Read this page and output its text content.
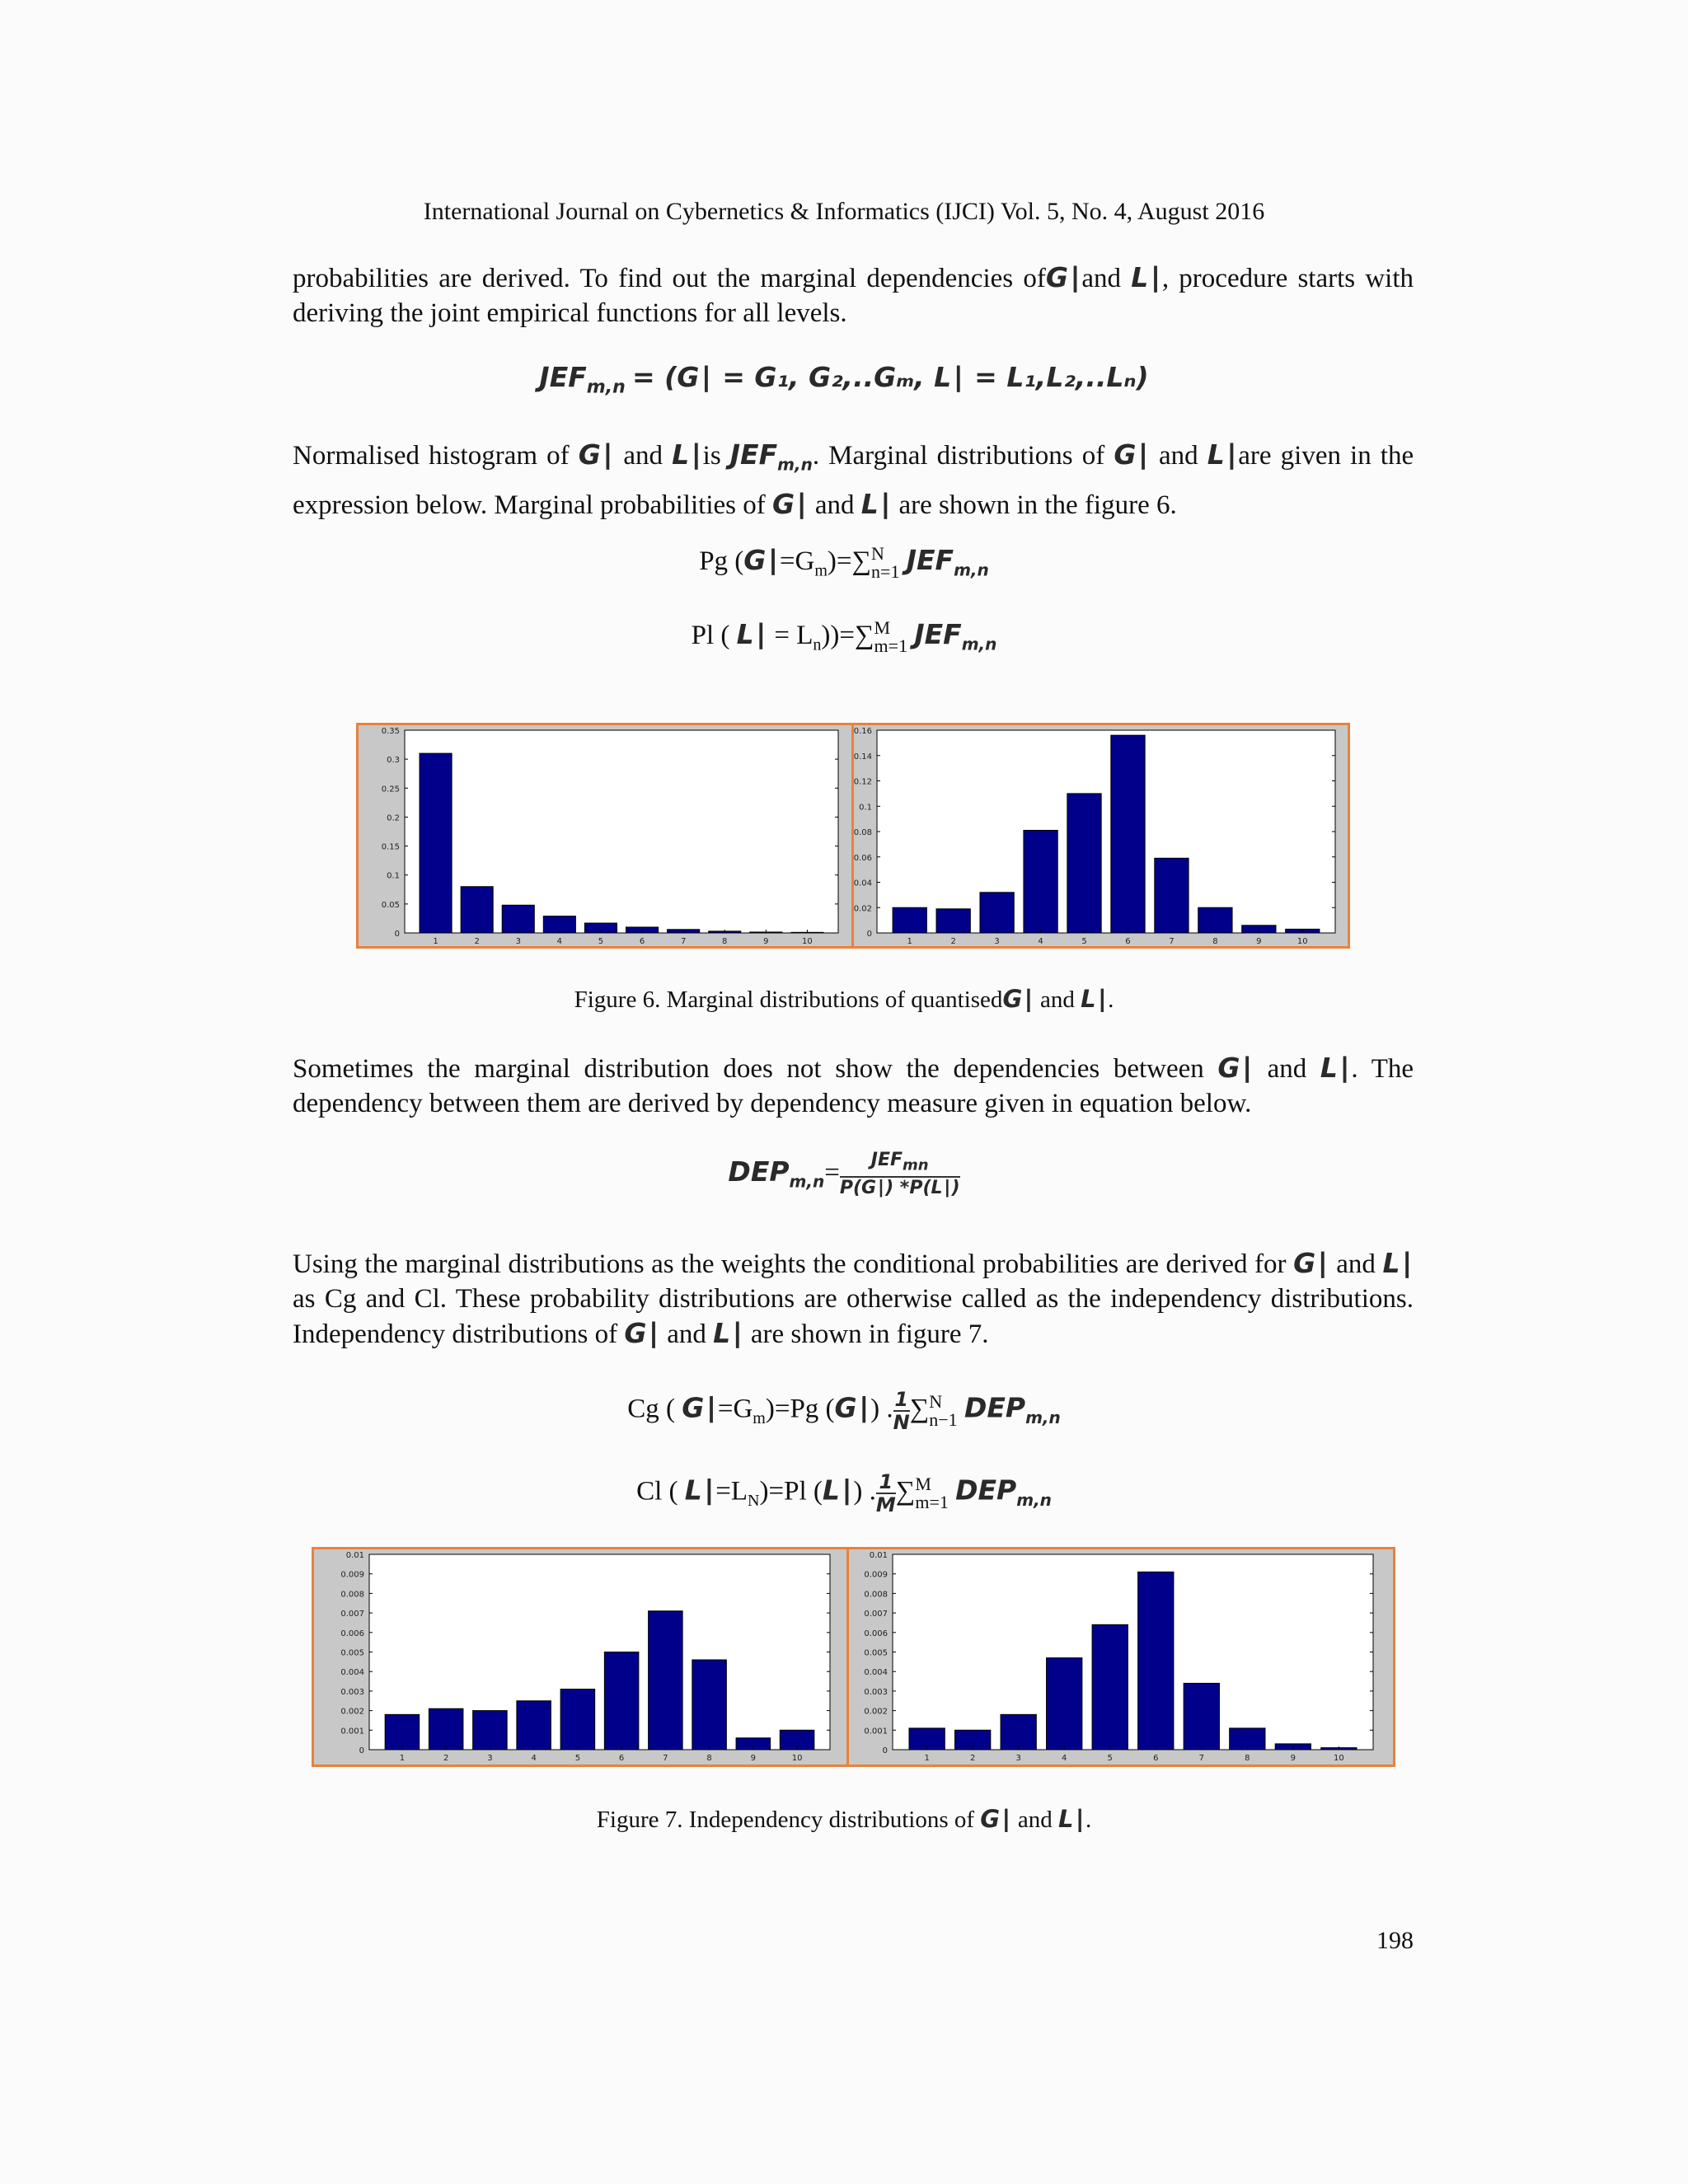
International Journal on Cybernetics & Informatics (IJCI) Vol. 5, No. 4, August 2016
probabilities are derived. To find out the marginal dependencies ofG∣and L∣, procedure starts with deriving the joint empirical functions for all levels.
$JEF_{m,n}$ = (G∣ = G₁, G₂,..Gₘ, L∣ = L₁,L₂,..Lₙ)
Normalised histogram of G∣ and L∣is $JEF_{m,n}$. Marginal distributions of G∣ and L∣are given in the expression below. Marginal probabilities of G∣ and L∣ are shown in the figure 6.
Pg $(G∣=G_m)=\sum$ N
n=1 $JEF_{m,n}$
Pl ( L∣ = $L_n))=\sum$ M
m=1 $JEF_{m,n}$
1	2	3	4	5	6	7	8	9	10
0
0.05
0.1
0.15
0.2
0.25
0.3
0.35
1	2	3	4	5	6	7	8	9	10
0
0.02
0.04
0.06
0.08
0.1
0.12
0.14
0.16
Figure 6. Marginal distributions of quantisedG∣ and L∣.
Sometimes the marginal distribution does not show the dependencies between G∣ and L∣. The dependency between them are derived by dependency measure given in equation below.
$DEP_{m,n}= \frac{JEF_{mn}}{P(G∣) *P(L∣)}$
Using the marginal distributions as the weights the conditional probabilities are derived for G∣ and L∣ as Cg and Cl. These probability distributions are otherwise called as the independency distributions. Independency distributions of G∣ and L∣ are shown in figure 7.
Cg ( $G∣=G_m)=Pg$ (G∣) . $\frac{1}{N}$ ∑ N
n−1 $DEP_{m,n}$
Cl ( $L∣=L_N)=Pl$ (L∣) . $\frac{1}{M}$ ∑ M
m=1 $DEP_{m,n}$
1	2	3	4	5	6	7	8	9	10
0
0.001
0.002
0.003
0.004
0.005
0.006
0.007
0.008
0.009
0.01
1	2	3	4	5	6	7	8	9	10
0
0.001
0.002
0.003
0.004
0.005
0.006
0.007
0.008
0.009
0.01
Figure 7. Independency distributions of G∣ and L∣.
198
